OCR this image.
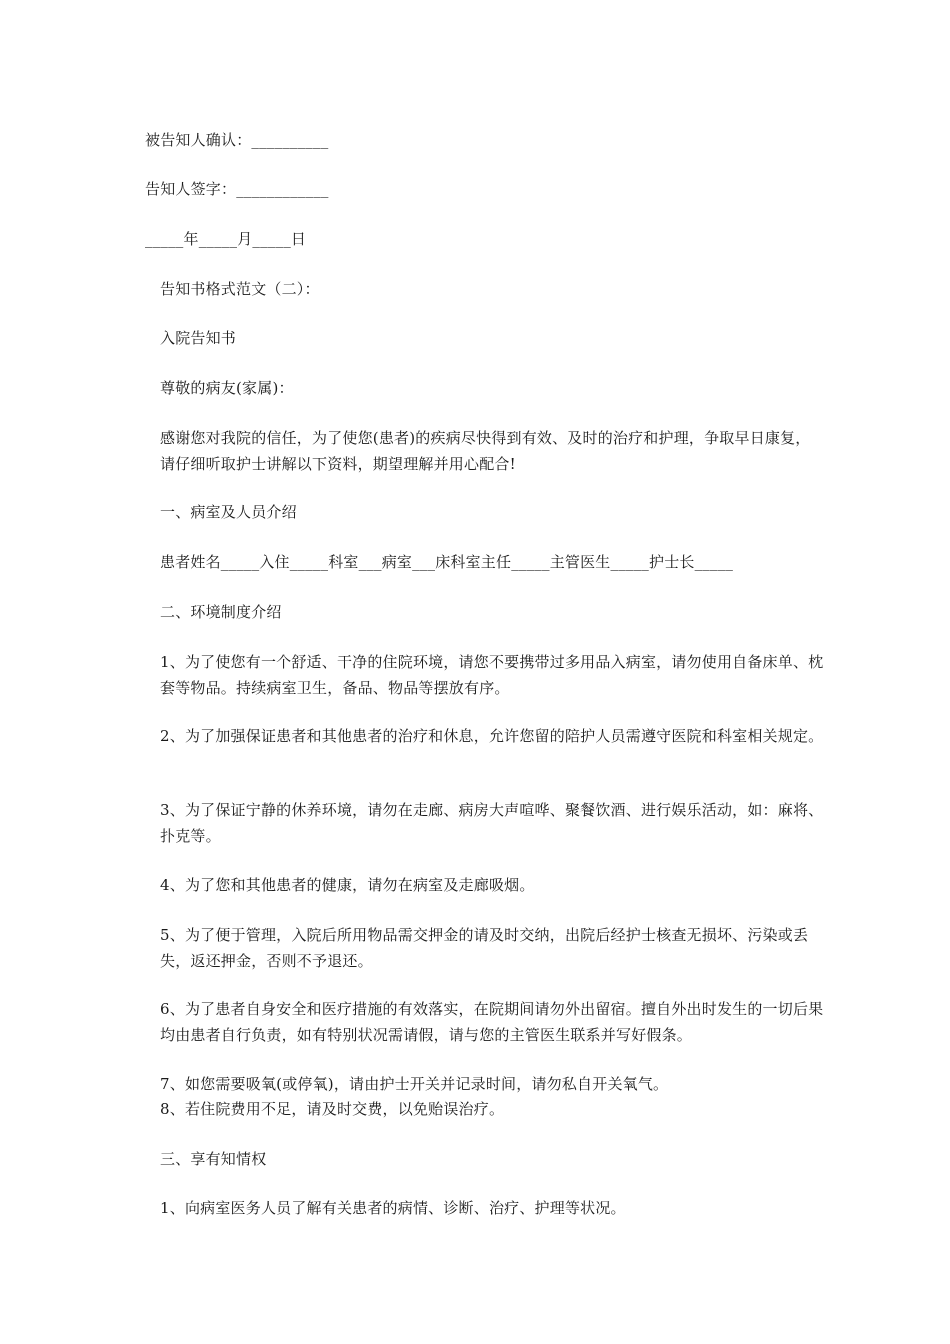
被告知人确认：__________
告知人签字：____________
_____年_____月_____日
告知书格式范文（二）：
入院告知书
尊敬的病友(家属)：
感谢您对我院的信任，为了使您(患者)的疾病尽快得到有效、及时的治疗和护理，争取早日康复，请仔细听取护士讲解以下资料，期望理解并用心配合!
一、病室及人员介绍
患者姓名_____入住_____科室___病室___床科室主任_____主管医生_____护士长_____
二、环境制度介绍
1、为了使您有一个舒适、干净的住院环境，请您不要携带过多用品入病室，请勿使用自备床单、枕套等物品。持续病室卫生，备品、物品等摆放有序。
2、为了加强保证患者和其他患者的治疗和休息，允许您留的陪护人员需遵守医院和科室相关规定。
3、为了保证宁静的休养环境，请勿在走廊、病房大声喧哗、聚餐饮酒、进行娱乐活动，如：麻将、扑克等。
4、为了您和其他患者的健康，请勿在病室及走廊吸烟。
5、为了便于管理，入院后所用物品需交押金的请及时交纳，出院后经护士核查无损坏、污染或丢失，返还押金，否则不予退还。
6、为了患者自身安全和医疗措施的有效落实，在院期间请勿外出留宿。擅自外出时发生的一切后果均由患者自行负责，如有特别状况需请假，请与您的主管医生联系并写好假条。
7、如您需要吸氧(或停氧)，请由护士开关并记录时间，请勿私自开关氧气。
8、若住院费用不足，请及时交费，以免贻误治疗。
三、享有知情权
1、向病室医务人员了解有关患者的病情、诊断、治疗、护理等状况。
